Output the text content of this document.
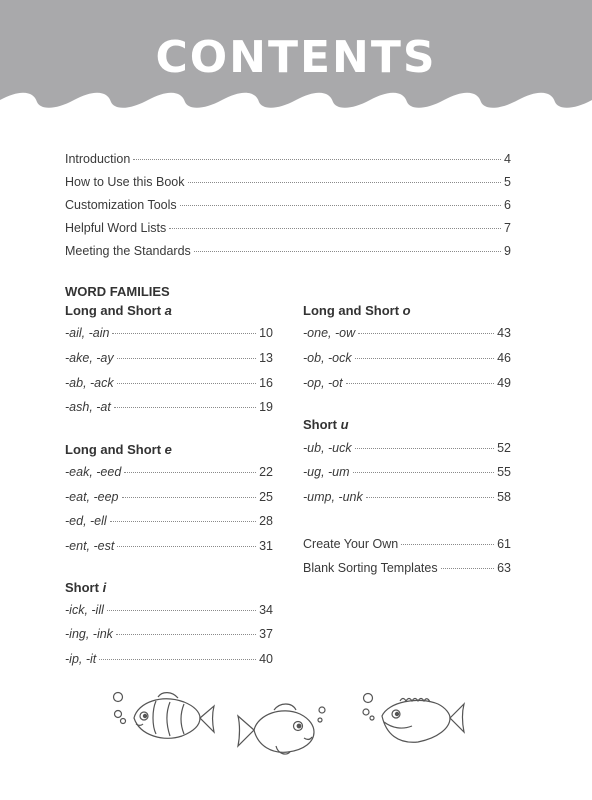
CONTENTS
Introduction	4
How to Use this Book	5
Customization Tools	6
Helpful Word Lists	7
Meeting the Standards	9
WORD FAMILIES
Long and Short a
-ail, -ain	10
-ake, -ay	13
-ab, -ack	16
-ash, -at	19
Long and Short e
-eak, -eed	22
-eat, -eep	25
-ed, -ell	28
-ent, -est	31
Short i
-ick, -ill	34
-ing, -ink	37
-ip, -it	40
Long and Short o
-one, -ow	43
-ob, -ock	46
-op, -ot	49
Short u
-ub, -uck	52
-ug, -um	55
-ump, -unk	58
Create Your Own	61
Blank Sorting Templates	63
